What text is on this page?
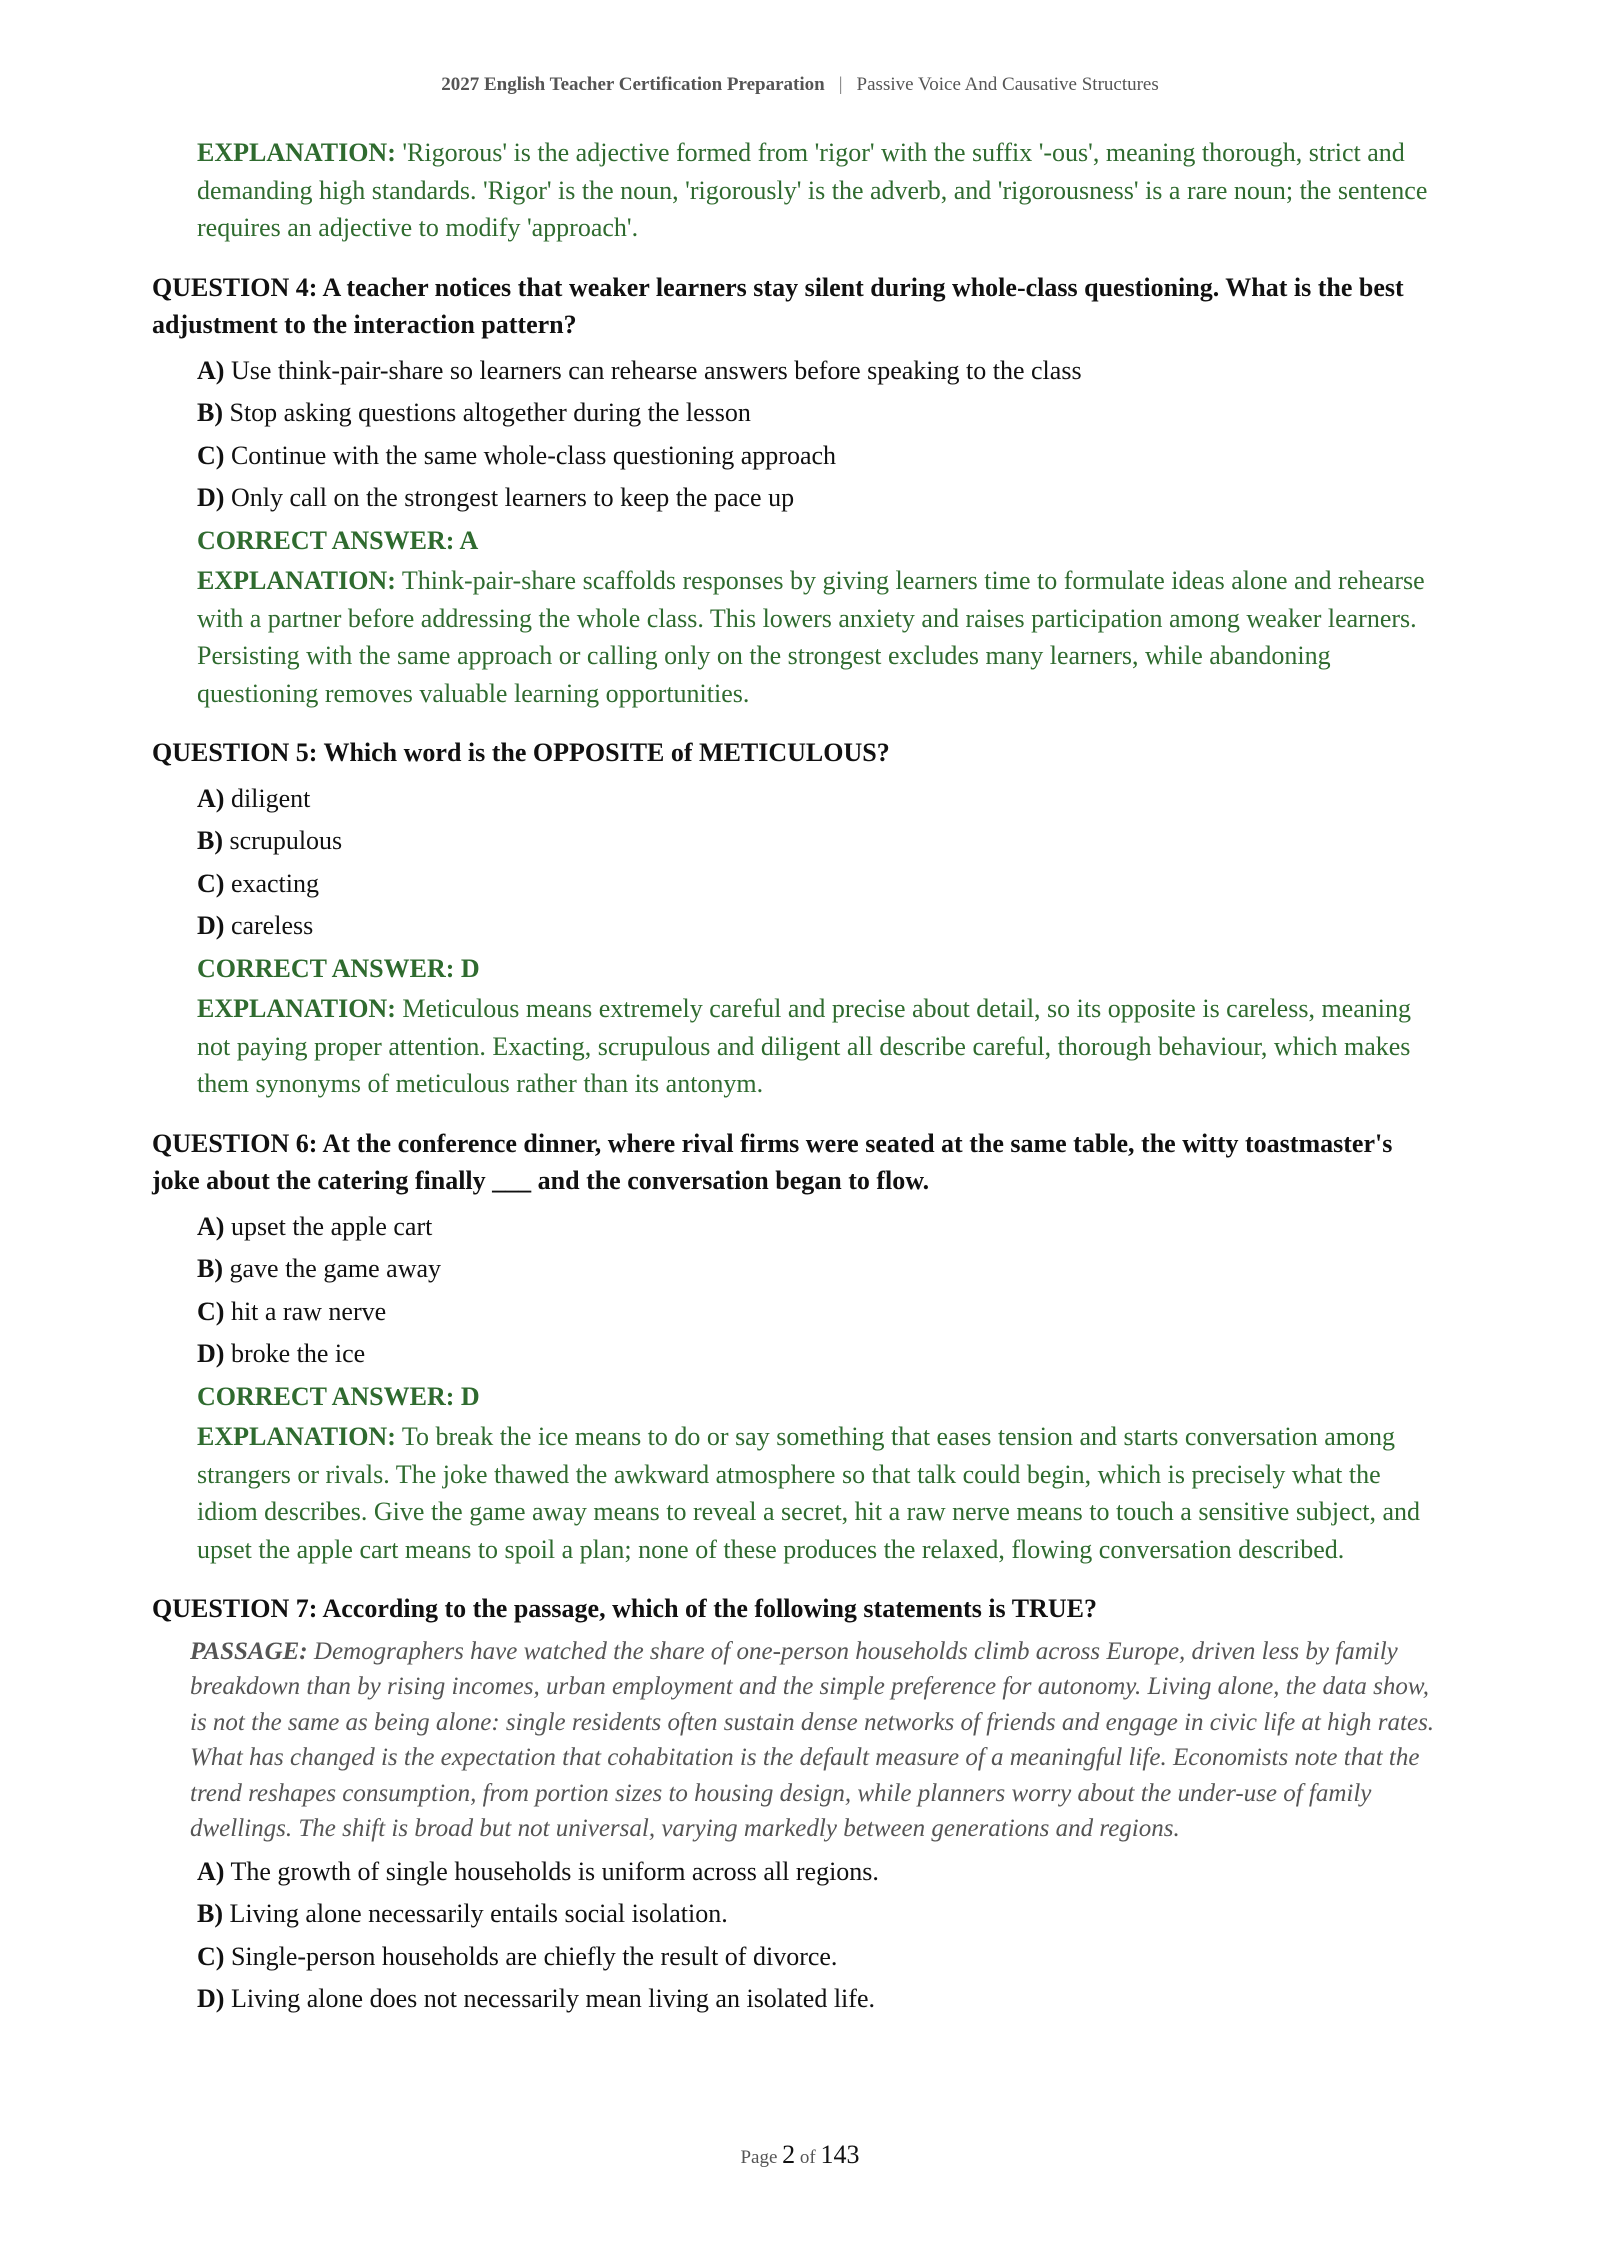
2027 English Teacher Certification Preparation | Passive Voice And Causative Structures
EXPLANATION: 'Rigorous' is the adjective formed from 'rigor' with the suffix '-ous', meaning thorough, strict and demanding high standards. 'Rigor' is the noun, 'rigorously' is the adverb, and 'rigorousness' is a rare noun; the sentence requires an adjective to modify 'approach'.
QUESTION 4: A teacher notices that weaker learners stay silent during whole-class questioning. What is the best adjustment to the interaction pattern?
A) Use think-pair-share so learners can rehearse answers before speaking to the class
B) Stop asking questions altogether during the lesson
C) Continue with the same whole-class questioning approach
D) Only call on the strongest learners to keep the pace up
CORRECT ANSWER: A
EXPLANATION: Think-pair-share scaffolds responses by giving learners time to formulate ideas alone and rehearse with a partner before addressing the whole class. This lowers anxiety and raises participation among weaker learners. Persisting with the same approach or calling only on the strongest excludes many learners, while abandoning questioning removes valuable learning opportunities.
QUESTION 5: Which word is the OPPOSITE of METICULOUS?
A) diligent
B) scrupulous
C) exacting
D) careless
CORRECT ANSWER: D
EXPLANATION: Meticulous means extremely careful and precise about detail, so its opposite is careless, meaning not paying proper attention. Exacting, scrupulous and diligent all describe careful, thorough behaviour, which makes them synonyms of meticulous rather than its antonym.
QUESTION 6: At the conference dinner, where rival firms were seated at the same table, the witty toastmaster's joke about the catering finally ___ and the conversation began to flow.
A) upset the apple cart
B) gave the game away
C) hit a raw nerve
D) broke the ice
CORRECT ANSWER: D
EXPLANATION: To break the ice means to do or say something that eases tension and starts conversation among strangers or rivals. The joke thawed the awkward atmosphere so that talk could begin, which is precisely what the idiom describes. Give the game away means to reveal a secret, hit a raw nerve means to touch a sensitive subject, and upset the apple cart means to spoil a plan; none of these produces the relaxed, flowing conversation described.
QUESTION 7: According to the passage, which of the following statements is TRUE?
PASSAGE: Demographers have watched the share of one-person households climb across Europe, driven less by family breakdown than by rising incomes, urban employment and the simple preference for autonomy. Living alone, the data show, is not the same as being alone: single residents often sustain dense networks of friends and engage in civic life at high rates. What has changed is the expectation that cohabitation is the default measure of a meaningful life. Economists note that the trend reshapes consumption, from portion sizes to housing design, while planners worry about the under-use of family dwellings. The shift is broad but not universal, varying markedly between generations and regions.
A) The growth of single households is uniform across all regions.
B) Living alone necessarily entails social isolation.
C) Single-person households are chiefly the result of divorce.
D) Living alone does not necessarily mean living an isolated life.
Page 2 of 143
